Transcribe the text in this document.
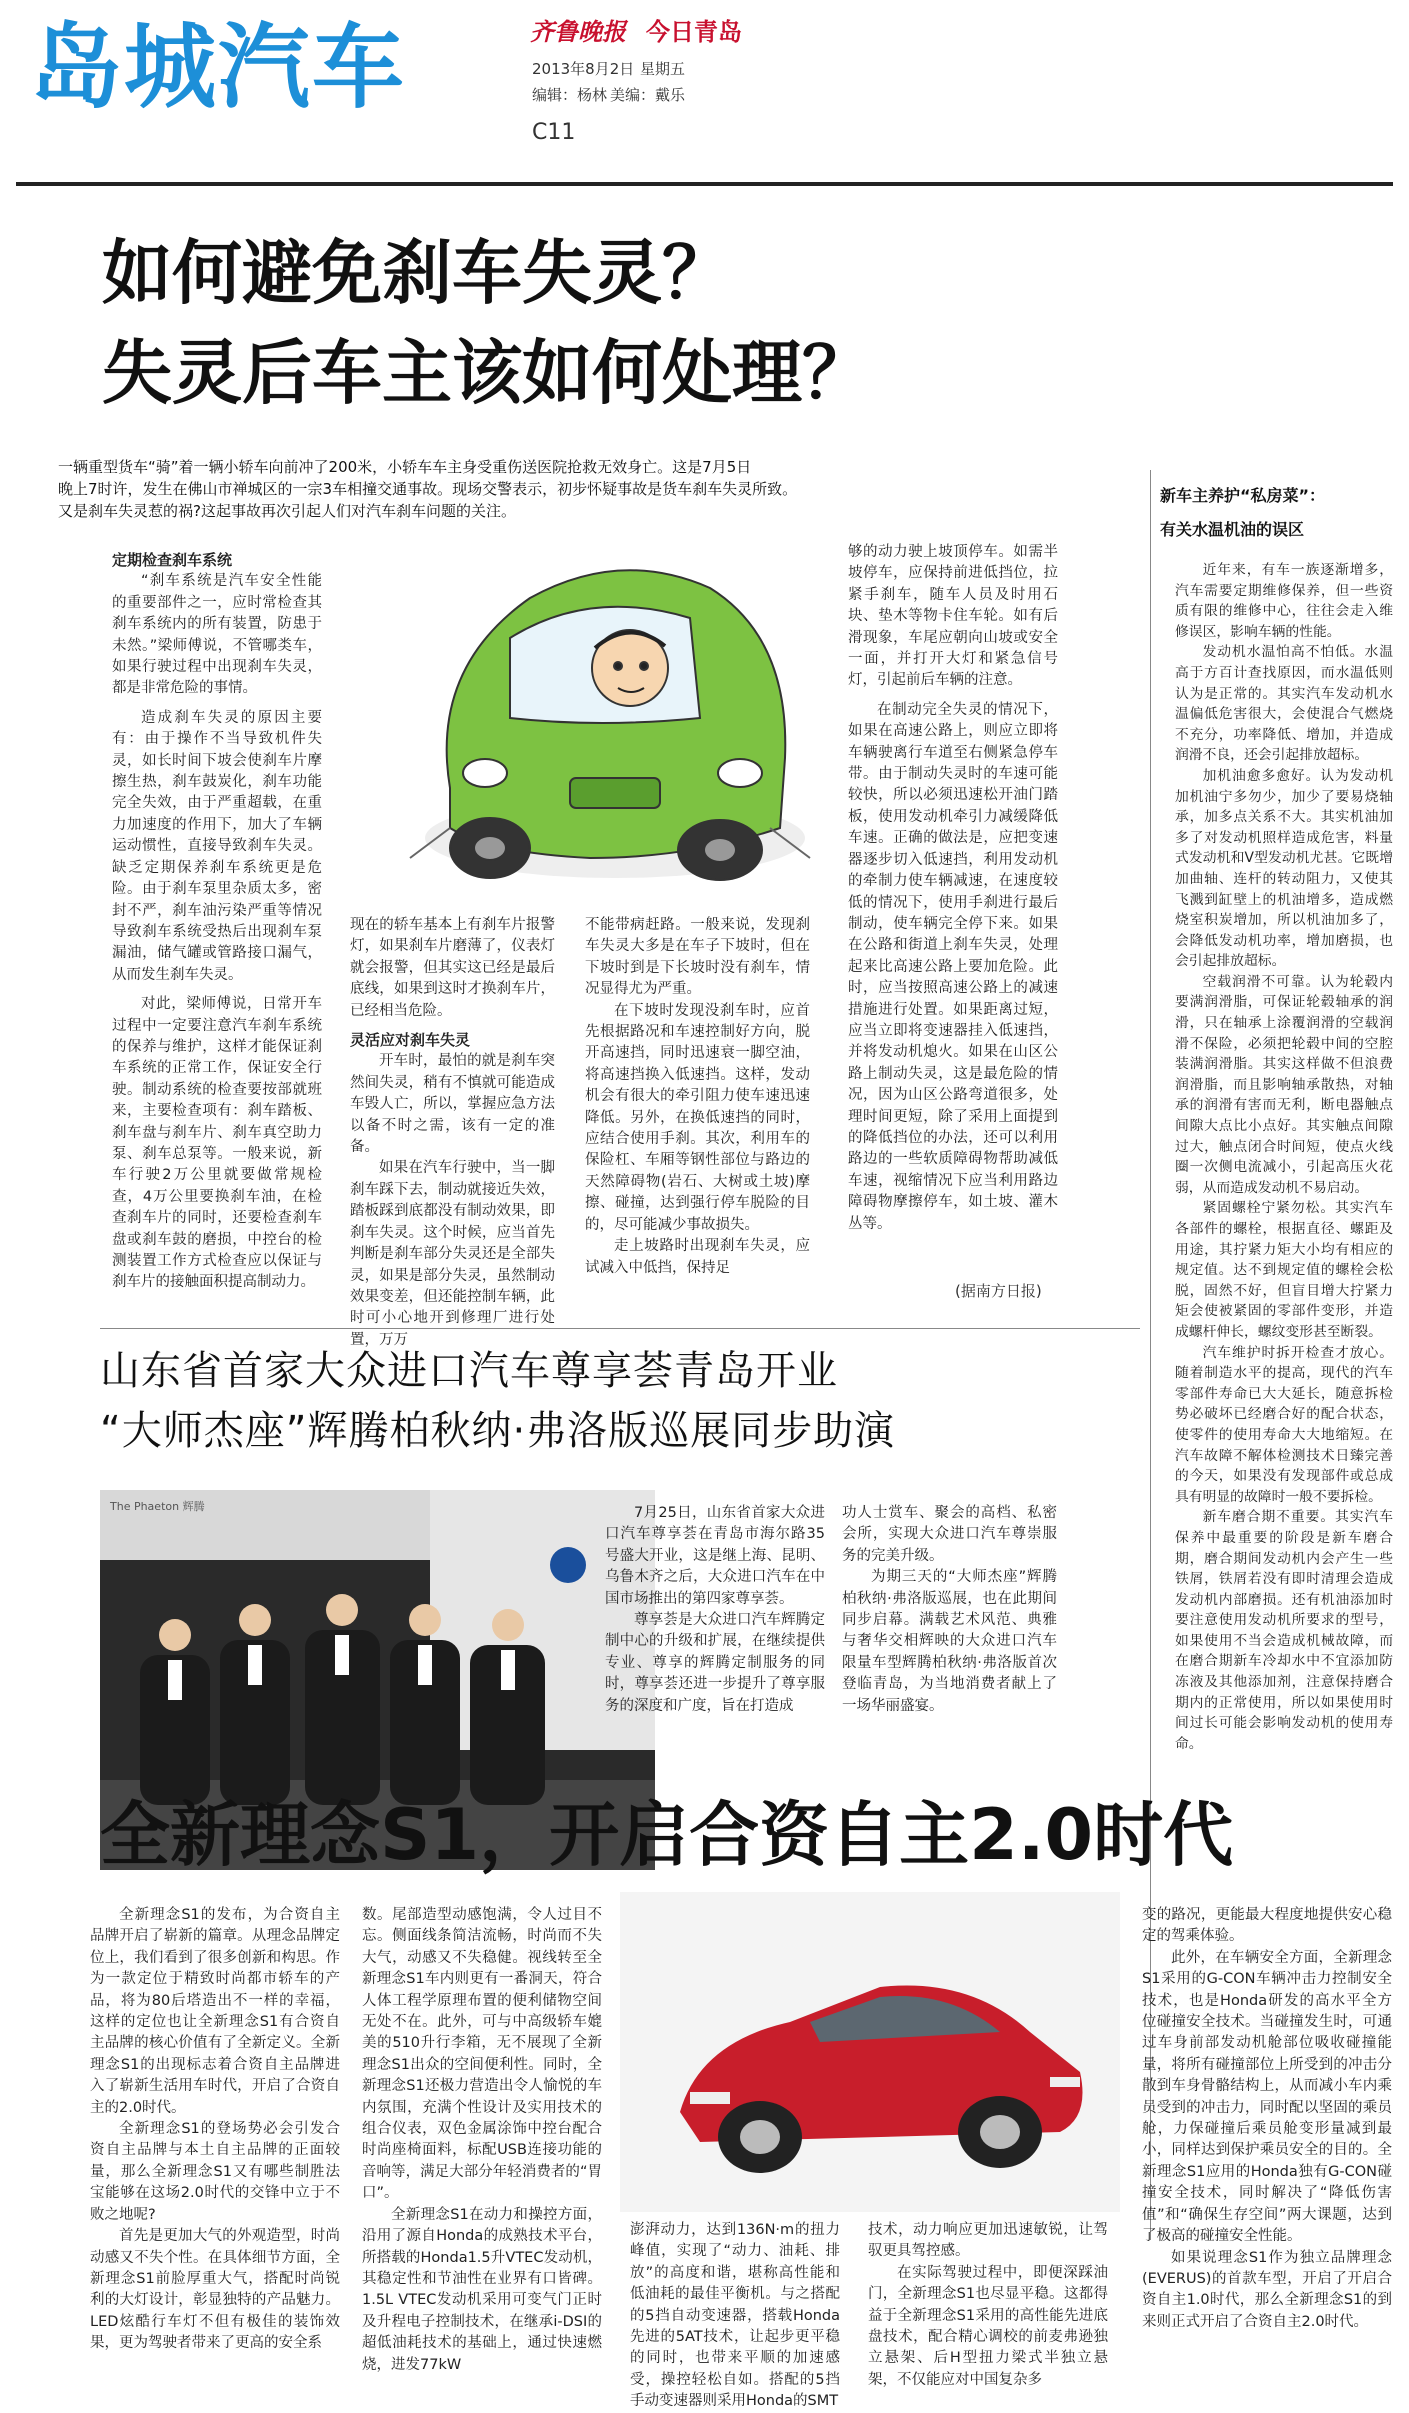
岛城汽车	齐鲁晚报 今日青岛
2013年8月2日 星期五
编辑：杨林 美编：戴乐
C11
如何避免刹车失灵？
失灵后车主该如何处理？
一辆重型货车“骑”着一辆小轿车向前冲了200米，小轿车车主身受重伤送医院抢救无效身亡。这是7月5日
晚上7时许，发生在佛山市禅城区的一宗3车相撞交通事故。现场交警表示，初步怀疑事故是货车刹车失灵所致。
又是刹车失灵惹的祸?这起事故再次引起人们对汽车刹车问题的关注。

定期检查刹车系统

“刹车系统是汽车安全性能的重要部件之一，应时常检查其刹车系统内的所有装置，防患于未然。”梁师傅说，不管哪类车，如果行驶过程中出现刹车失灵，都是非常危险的事情。

造成刹车失灵的原因主要有：由于操作不当导致机件失灵，如长时间下坡会使刹车片摩擦生热，刹车鼓炭化，刹车功能完全失效，由于严重超载，在重力加速度的作用下，加大了车辆运动惯性，直接导致刹车失灵。缺乏定期保养刹车系统更是危险。由于刹车泵里杂质太多，密封不严，刹车油污染严重等情况导致刹车系统受热后出现刹车泵漏油，储气罐或管路接口漏气，从而发生刹车失灵。

对此，梁师傅说，日常开车过程中一定要注意汽车刹车系统的保养与维护，这样才能保证刹车系统的正常工作，保证安全行驶。制动系统的检查要按部就班来，主要检查项有：刹车踏板、刹车盘与刹车片、刹车真空助力泵、刹车总泵等。一般来说，新车行驶2万公里就要做常规检查，4万公里要换刹车油，在检查刹车片的同时，还要检查刹车盘或刹车鼓的磨损，中控台的检测装置工作方式检查应以保证与刹车片的接触面积提高制动力。

现在的轿车基本上有刹车片报警灯，如果刹车片磨薄了，仪表灯就会报警，但其实这已经是最后底线，如果到这时才换刹车片，已经相当危险。

灵活应对刹车失灵

开车时，最怕的就是刹车突然间失灵，稍有不慎就可能造成车毁人亡，所以，掌握应急方法以备不时之需，该有一定的准备。

如果在汽车行驶中，当一脚刹车踩下去，制动就接近失效，踏板踩到底都没有制动效果，即刹车失灵。这个时候，应当首先判断是刹车部分失灵还是全部失灵，如果是部分失灵，虽然制动效果变差，但还能控制车辆，此时可小心地开到修理厂进行处置，万万

不能带病赶路。一般来说，发现刹车失灵大多是在车子下坡时，但在下坡时到是下长坡时没有刹车，情况显得尤为严重。

在下坡时发现没刹车时，应首先根据路况和车速控制好方向，脱开高速挡，同时迅速衰一脚空油，将高速挡换入低速挡。这样，发动机会有很大的牵引阻力使车速迅速降低。另外，在换低速挡的同时，应结合使用手刹。其次，利用车的保险杠、车厢等钢性部位与路边的天然障碍物(岩石、大树或土坡)摩擦、碰撞，达到强行停车脱险的目的，尽可能减少事故损失。

走上坡路时出现刹车失灵，应试减入中低挡，保持足

够的动力驶上坡顶停车。如需半坡停车，应保持前进低挡位，拉紧手刹车，随车人员及时用石块、垫木等物卡住车轮。如有后滑现象，车尾应朝向山坡或安全一面，并打开大灯和紧急信号灯，引起前后车辆的注意。

在制动完全失灵的情况下，如果在高速公路上，则应立即将车辆驶离行车道至右侧紧急停车带。由于制动失灵时的车速可能较快，所以必须迅速松开油门踏板，使用发动机牵引力减缓降低车速。正确的做法是，应把变速器逐步切入低速挡，利用发动机的牵制力使车辆减速，在速度较低的情况下，使用手刹进行最后制动，使车辆完全停下来。如果在公路和街道上刹车失灵，处理起来比高速公路上要加危险。此时，应当按照高速公路上的减速措施进行处置。如果距离过短，应当立即将变速器挂入低速挡，并将发动机熄火。如果在山区公路上制动失灵，这是最危险的情况，因为山区公路弯道很多，处理时间更短，除了采用上面提到的降低挡位的办法，还可以利用路边的一些软质障碍物帮助减低车速，视缩情况下应当利用路边障碍物摩擦停车，如土坡、灌木丛等。

(据南方日报)
新车主养护“私房菜”：
有关水温机油的误区

近年来，有车一族逐渐增多，汽车需要定期维修保养，但一些资质有限的维修中心，往往会走入维修误区，影响车辆的性能。

发动机水温怕高不怕低。水温高于方百计查找原因，而水温低则认为是正常的。其实汽车发动机水温偏低危害很大，会使混合气燃烧不充分，功率降低、增加，并造成润滑不良，还会引起排放超标。

加机油愈多愈好。认为发动机加机油宁多勿少，加少了要易烧轴承，加多点关系不大。其实机油加多了对发动机照样造成危害，料量式发动机和V型发动机尤甚。它既增加曲轴、连杆的转动阻力，又使其飞溅到缸壁上的机油增多，造成燃烧室积炭增加，所以机油加多了，会降低发动机功率，增加磨损，也会引起排放超标。

空载润滑不可靠。认为轮毂内要满润滑脂，可保证轮毂轴承的润滑，只在轴承上涂覆润滑的空载润滑不保险，必须把轮毂中间的空腔装满润滑脂。其实这样做不但浪费润滑脂，而且影响轴承散热，对轴承的润滑有害而无利，断电器触点间隙大点比小点好。其实触点间隙过大，触点闭合时间短，使点火线圈一次侧电流减小，引起高压火花弱，从而造成发动机不易启动。

紧固螺栓宁紧勿松。其实汽车各部件的螺栓，根据直径、螺距及用途，其拧紧力矩大小均有相应的规定值。达不到规定值的螺栓会松脱，固然不好，但盲目增大拧紧力矩会使被紧固的零部件变形，并造成螺杆伸长，螺纹变形甚至断裂。

汽车维护时拆开检查才放心。随着制造水平的提高，现代的汽车零部件寿命已大大延长，随意拆检势必破坏已经磨合好的配合状态，使零件的使用寿命大大地缩短。在汽车故障不解体检测技术日臻完善的今天，如果没有发现部件或总成具有明显的故障时一般不要拆检。

新车磨合期不重要。其实汽车保养中最重要的阶段是新车磨合期，磨合期间发动机内会产生一些铁屑，铁屑若没有即时清理会造成发动机内部磨损。还有机油添加时要注意使用发动机所要求的型号，如果使用不当会造成机械故障，而在磨合期新车冷却水中不宜添加防冻液及其他添加剂，注意保持磨合期内的正常使用，所以如果使用时间过长可能会影响发动机的使用寿命。

山东省首家大众进口汽车尊享荟青岛开业
“大师杰座”辉腾柏秋纳·弗洛版巡展同步助演
The Phaeton 辉腾	7月25日，山东省首家大众进口汽车尊享荟在青岛市海尔路35号盛大开业，这是继上海、昆明、乌鲁木齐之后，大众进口汽车在中国市场推出的第四家尊享荟。

尊享荟是大众进口汽车辉腾定制中心的升级和扩展，在继续提供专业、尊享的辉腾定制服务的同时，尊享荟还进一步提升了尊享服务的深度和广度，旨在打造成

功人士赏车、聚会的高档、私密会所，实现大众进口汽车尊崇服务的完美升级。

为期三天的“大师杰座”辉腾柏秋纳·弗洛版巡展，也在此期间同步启幕。满载艺术风范、典雅与奢华交相辉映的大众进口汽车限量车型辉腾柏秋纳·弗洛版首次登临青岛，为当地消费者献上了一场华丽盛宴。

全新理念S1，开启合资自主2.0时代

全新理念S1的发布，为合资自主品牌开启了崭新的篇章。从理念品牌定位上，我们看到了很多创新和构思。作为一款定位于精致时尚都市轿车的产品，将为80后塔造出不一样的幸福，这样的定位也让全新理念S1有合资自主品牌的核心价值有了全新定义。全新理念S1的出现标志着合资自主品牌进入了崭新生活用车时代，开启了合资自主的2.0时代。

全新理念S1的登场势必会引发合资自主品牌与本土自主品牌的正面较量，那么全新理念S1又有哪些制胜法宝能够在这场2.0时代的交锋中立于不败之地呢?

首先是更加大气的外观造型，时尚动感又不失个性。在具体细节方面，全新理念S1前脸厚重大气，搭配时尚锐利的大灯设计，彰显独特的产品魅力。LED炫酷行车灯不但有极佳的装饰效果，更为驾驶者带来了更高的安全系

数。尾部造型动感饱满，令人过目不忘。侧面线条简洁流畅，时尚而不失大气，动感又不失稳健。视线转至全新理念S1车内则更有一番洞天，符合人体工程学原理布置的便利储物空间无处不在。此外，可与中高级轿车媲美的510升行李箱，无不展现了全新理念S1出众的空间便利性。同时，全新理念S1还极力营造出令人愉悦的车内氛围，充满个性设计及实用技术的组合仪表，双色金属涂饰中控台配合时尚座椅面料，标配USB连接功能的音响等，满足大部分年轻消费者的“胃口”。

全新理念S1在动力和操控方面，沿用了源自Honda的成熟技术平台，所搭载的Honda1.5升VTEC发动机，其稳定性和节油性在业界有口皆碑。1.5L VTEC发动机采用可变气门正时及升程电子控制技术，在继承i-DSI的超低油耗技术的基础上，通过快速燃烧，进发77kW

澎湃动力，达到136N·m的扭力峰值，实现了“动力、油耗、排放”的高度和谐，堪称高性能和低油耗的最佳平衡机。与之搭配的5挡自动变速器，搭载Honda先进的5AT技术，让起步更平稳的同时，也带来平顺的加速感受，操控轻松自如。搭配的5挡手动变速器则采用Honda的SMT

技术，动力响应更加迅速敏锐，让驾驭更具驾控感。

在实际驾驶过程中，即便深踩油门，全新理念S1也尽显平稳。这都得益于全新理念S1采用的高性能先进底盘技术，配合精心调校的前麦弗逊独立悬架、后H型扭力梁式半独立悬架，不仅能应对中国复杂多

变的路况，更能最大程度地提供安心稳定的驾乘体验。

此外，在车辆安全方面，全新理念S1采用的G-CON车辆冲击力控制安全技术，也是Honda研发的高水平全方位碰撞安全技术。当碰撞发生时，可通过车身前部发动机舱部位吸收碰撞能量，将所有碰撞部位上所受到的冲击分散到车身骨骼结构上，从而减小车内乘员受到的冲击力，同时配以坚固的乘员舱，力保碰撞后乘员舱变形量减到最小，同样达到保护乘员安全的目的。全新理念S1应用的Honda独有G-CON碰撞安全技术，同时解决了“降低伤害值”和“确保生存空间”两大课题，达到了极高的碰撞安全性能。

如果说理念S1作为独立品牌理念(EVERUS)的首款车型，开启了开启合资自主1.0时代，那么全新理念S1的到来则正式开启了合资自主2.0时代。
